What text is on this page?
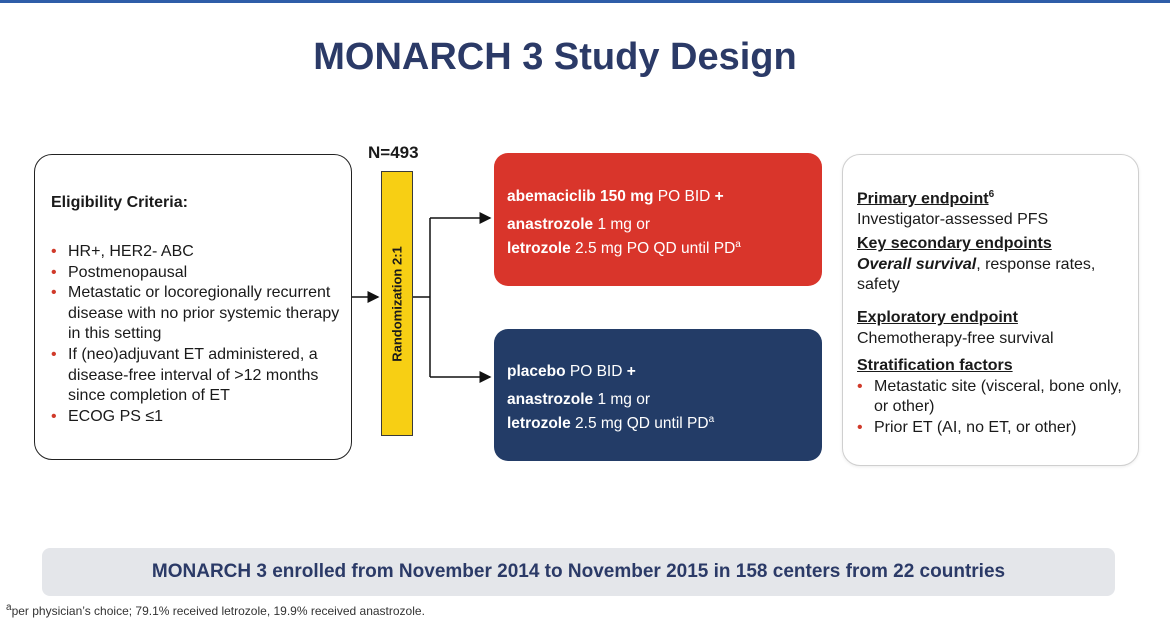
MONARCH 3 Study Design
Eligibility Criteria:
• HR+, HER2- ABC
• Postmenopausal
• Metastatic or locoregionally recurrent disease with no prior systemic therapy in this setting
• If (neo)adjuvant ET administered, a disease-free interval of >12 months since completion of ET
• ECOG PS ≤1
N=493
Randomization 2:1
abemaciclib 150 mg PO BID +
anastrozole 1 mg or
letrozole 2.5 mg PO QD until $PD^a$
placebo PO BID +
anastrozole 1 mg or
letrozole 2.5 mg QD until $PD^a$
Primary endpoint$^6$
Investigator-assessed PFS
Key secondary endpoints
Overall survival, response rates, safety
Exploratory endpoint
Chemotherapy-free survival
Stratification factors
• Metastatic site (visceral, bone only, or other)
• Prior ET (AI, no ET, or other)
MONARCH 3 enrolled from November 2014 to November 2015 in 158 centers from 22 countries
$^a$per physician’s choice; 79.1% received letrozole, 19.9% received anastrozole.
